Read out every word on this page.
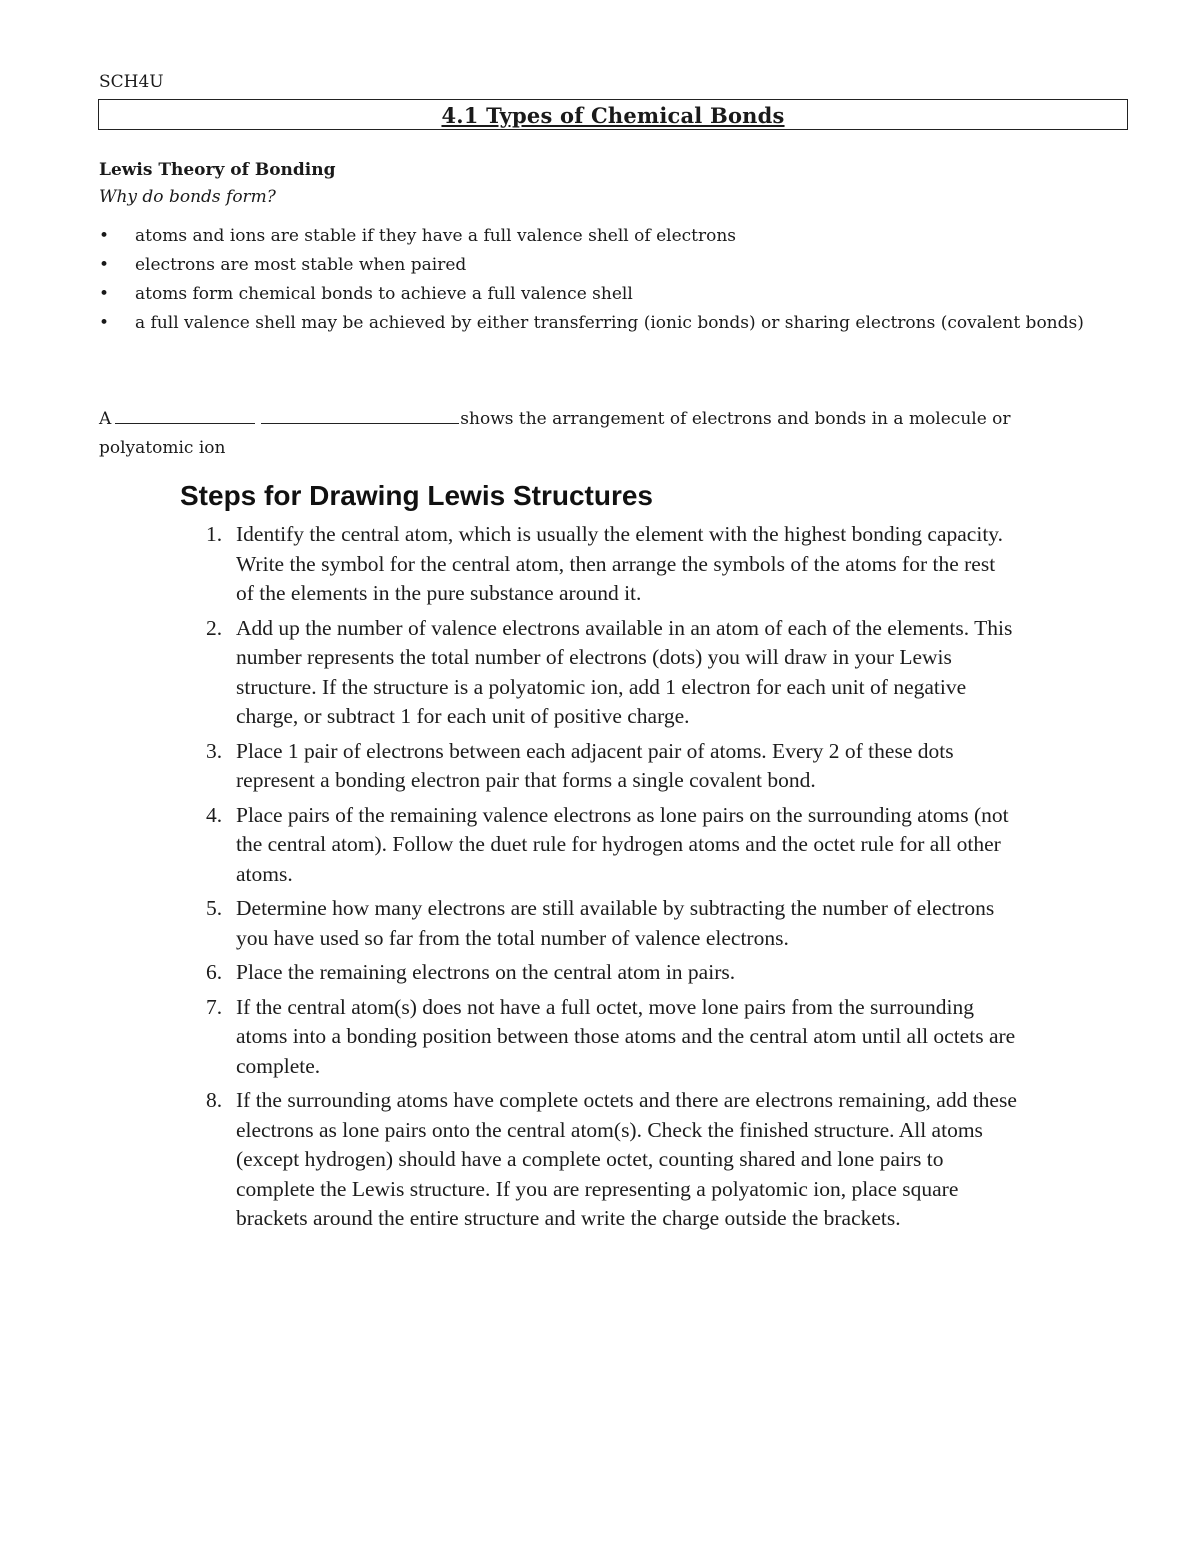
SCH4U
4.1 Types of Chemical Bonds
Lewis Theory of Bonding
Why do bonds form?
• atoms and ions are stable if they have a full valence shell of electrons
• electrons are most stable when paired
• atoms form chemical bonds to achieve a full valence shell
• a full valence shell may be achieved by either transferring (ionic bonds) or sharing electrons (covalent bonds)
A	shows the arrangement of electrons and bonds in a molecule or polyatomic ion
Steps for Drawing Lewis Structures
1. Identify the central atom, which is usually the element with the highest bonding capacity. Write the symbol for the central atom, then arrange the symbols of the atoms for the rest of the elements in the pure substance around it.
2. Add up the number of valence electrons available in an atom of each of the elements. This number represents the total number of electrons (dots) you will draw in your Lewis structure. If the structure is a polyatomic ion, add 1 electron for each unit of negative charge, or subtract 1 for each unit of positive charge.
3. Place 1 pair of electrons between each adjacent pair of atoms. Every 2 of these dots represent a bonding electron pair that forms a single covalent bond.
4. Place pairs of the remaining valence electrons as lone pairs on the surrounding atoms (not the central atom). Follow the duet rule for hydrogen atoms and the octet rule for all other atoms.
5. Determine how many electrons are still available by subtracting the number of electrons you have used so far from the total number of valence electrons.
6. Place the remaining electrons on the central atom in pairs.
7. If the central atom(s) does not have a full octet, move lone pairs from the surrounding atoms into a bonding position between those atoms and the central atom until all octets are complete.
8. If the surrounding atoms have complete octets and there are electrons remaining, add these electrons as lone pairs onto the central atom(s). Check the finished structure. All atoms (except hydrogen) should have a complete octet, counting shared and lone pairs to complete the Lewis structure. If you are representing a polyatomic ion, place square brackets around the entire structure and write the charge outside the brackets.
